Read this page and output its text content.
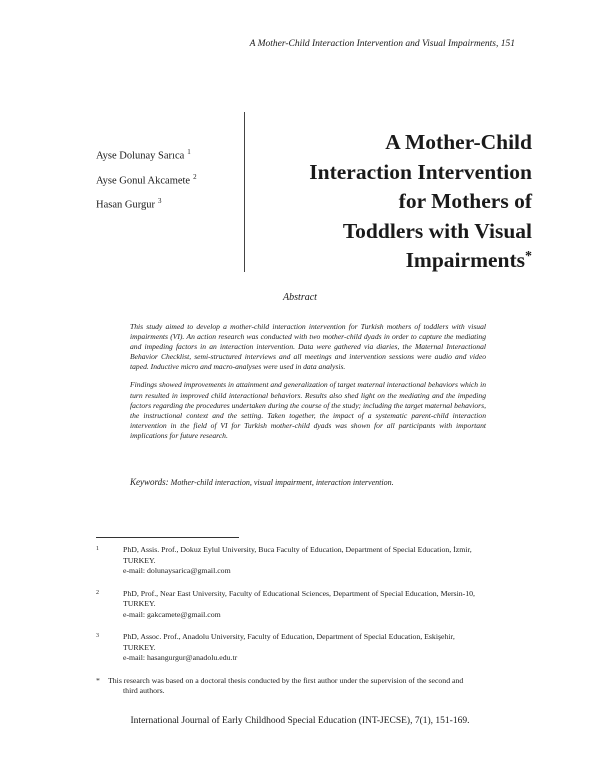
A Mother-Child Interaction Intervention and Visual Impairments, 151
Ayse Dolunay Sarıca $^1$
Ayse Gonul Akcamete $^2$
Hasan Gurgur $^3$
A Mother-Child
Interaction Intervention
for Mothers of
Toddlers with Visual
Impairments*
Abstract

This study aimed to develop a mother-child interaction intervention for Turkish mothers of toddlers with visual impairments (VI). An action research was conducted with two mother-child dyads in order to capture the mediating and impeding factors in an interaction intervention. Data were gathered via diaries, the Maternal Interactional Behavior Checklist, semi-structured interviews and all meetings and intervention sessions were audio and video taped. Inductive micro and macro-analyses were used in data analysis.

Findings showed improvements in attainment and generalization of target maternal interactional behaviors which in turn resulted in improved child interactional behaviors. Results also shed light on the mediating and the impeding factors regarding the procedures undertaken during the course of the study; including the target maternal behaviors, the instructional context and the setting. Taken together, the impact of a systematic parent-child interaction intervention in the field of VI for Turkish mother-child dyads was shown for all participants with important implications for future research.

Keywords: Mother-child interaction, visual impairment, interaction intervention.
1	PhD, Assis. Prof., Dokuz Eylul University, Buca Faculty of Education, Department of Special Education, İzmir,
TURKEY.
e-mail: dolunaysarica@gmail.com
2	PhD, Prof., Near East University, Faculty of Educational Sciences, Department of Special Education, Mersin-10,
TURKEY.
e-mail: gakcamete@gmail.com
3	PhD, Assoc. Prof., Anadolu University, Faculty of Education, Department of Special Education, Eskişehir,
TURKEY.
e-mail: hasangurgur@anadolu.edu.tr
* This research was based on a doctoral thesis conducted by the first author under the supervision of the second and
third authors.
International Journal of Early Childhood Special Education (INT-JECSE), 7(1), 151-169.
